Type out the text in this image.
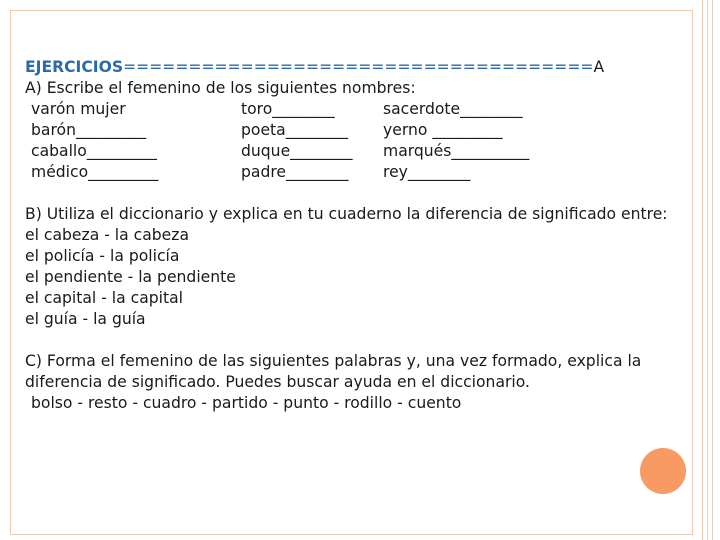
EJERCICIOS====================================A
A) Escribe el femenino de los siguientes nombres:
varón mujer	toro________	sacerdote________
barón_________	poeta________ yerno _________
caballo_________	duque________ marqués__________
médico_________	padre________ rey________
B) Utiliza el diccionario y explica en tu cuaderno la diferencia de significado entre:
el cabeza - la cabeza
el policía - la policía
el pendiente - la pendiente
el capital - la capital
el guía - la guía
C) Forma el femenino de las siguientes palabras y, una vez formado, explica la
diferencia de significado. Puedes buscar ayuda en el diccionario.
bolso - resto - cuadro - partido - punto - rodillo - cuento
